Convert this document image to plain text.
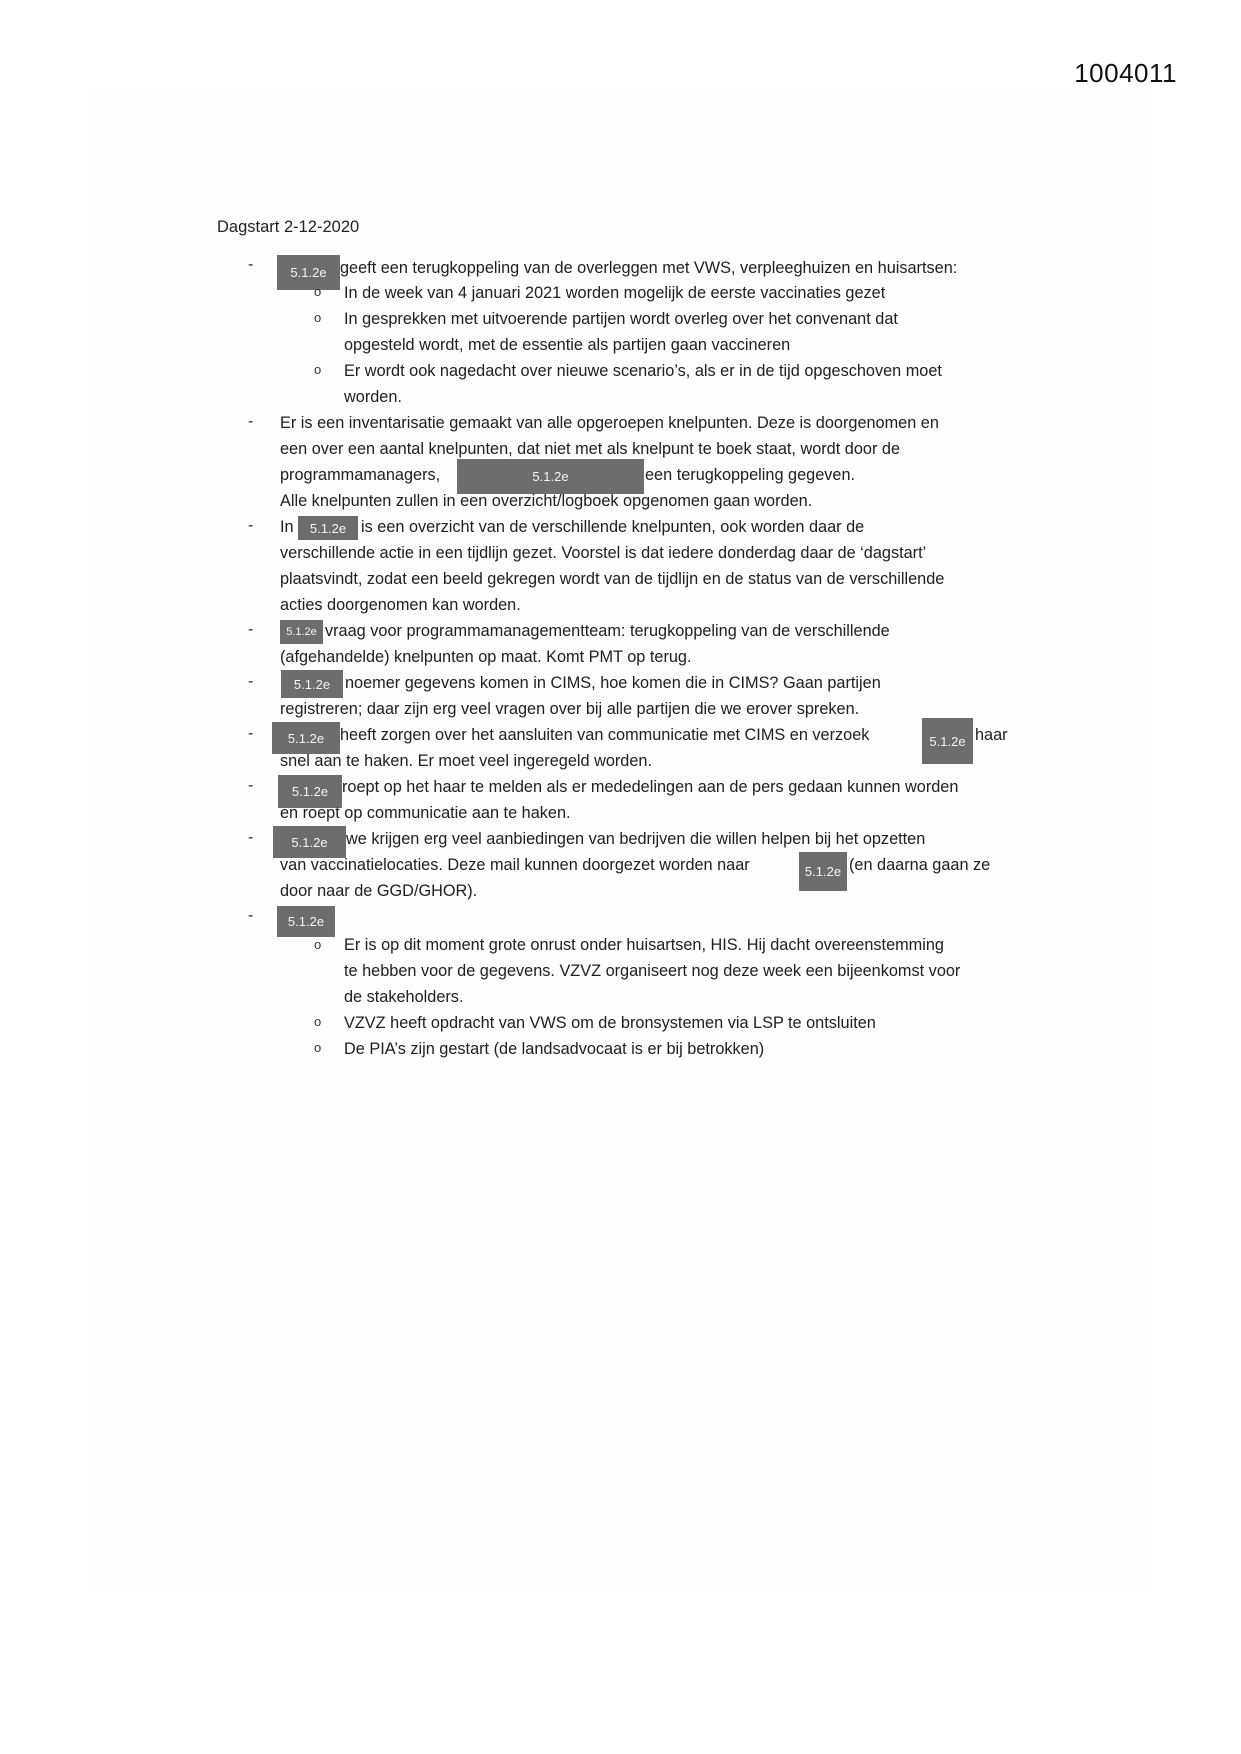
1004011
Dagstart 2-12-2020
-	5.1.2e geeft een terugkoppeling van de overleggen met VWS, verpleeghuizen en huisartsen:
o In de week van 4 januari 2021 worden mogelijk de eerste vaccinaties gezet
o In gesprekken met uitvoerende partijen wordt overleg over het convenant dat
opgesteld wordt, met de essentie als partijen gaan vaccineren
o Er wordt ook nagedacht over nieuwe scenario’s, als er in de tijd opgeschoven moet
worden.
- Er is een inventarisatie gemaakt van alle opgeroepen knelpunten. Deze is doorgenomen en
een over een aantal knelpunten, dat niet met als knelpunt te boek staat, wordt door de
programmamanagers,	5.1.2e	een terugkoppeling gegeven.
Alle knelpunten zullen in een overzicht/logboek opgenomen gaan worden.
- In	5.1.2e is een overzicht van de verschillende knelpunten, ook worden daar de
verschillende actie in een tijdlijn gezet. Voorstel is dat iedere donderdag daar de ‘dagstart’
plaatsvindt, zodat een beeld gekregen wordt van de tijdlijn en de status van de verschillende
acties doorgenomen kan worden.
-	5.1.2e vraag voor programmamanagementteam: terugkoppeling van de verschillende
(afgehandelde) knelpunten op maat. Komt PMT op terug.
-	5.1.2e noemer gegevens komen in CIMS, hoe komen die in CIMS? Gaan partijen
registreren; daar zijn erg veel vragen over bij alle partijen die we erover spreken.
-	5.1.2e heeft zorgen over het aansluiten van communicatie met CIMS en verzoek	5.1.2e haar
snel aan te haken. Er moet veel ingeregeld worden.
-	5.1.2e roept op het haar te melden als er mededelingen aan de pers gedaan kunnen worden
en roept op communicatie aan te haken.
-	5.1.2e	we krijgen erg veel aanbiedingen van bedrijven die willen helpen bij het opzetten
van vaccinatielocaties. Deze mail kunnen doorgezet worden naar	5.1.2e (en daarna gaan ze
door naar de GGD/GHOR).
-	5.1.2e
o Er is op dit moment grote onrust onder huisartsen, HIS. Hij dacht overeenstemming
te hebben voor de gegevens. VZVZ organiseert nog deze week een bijeenkomst voor
de stakeholders.
o VZVZ heeft opdracht van VWS om de bronsystemen via LSP te ontsluiten
o De PIA’s zijn gestart (de landsadvocaat is er bij betrokken)
